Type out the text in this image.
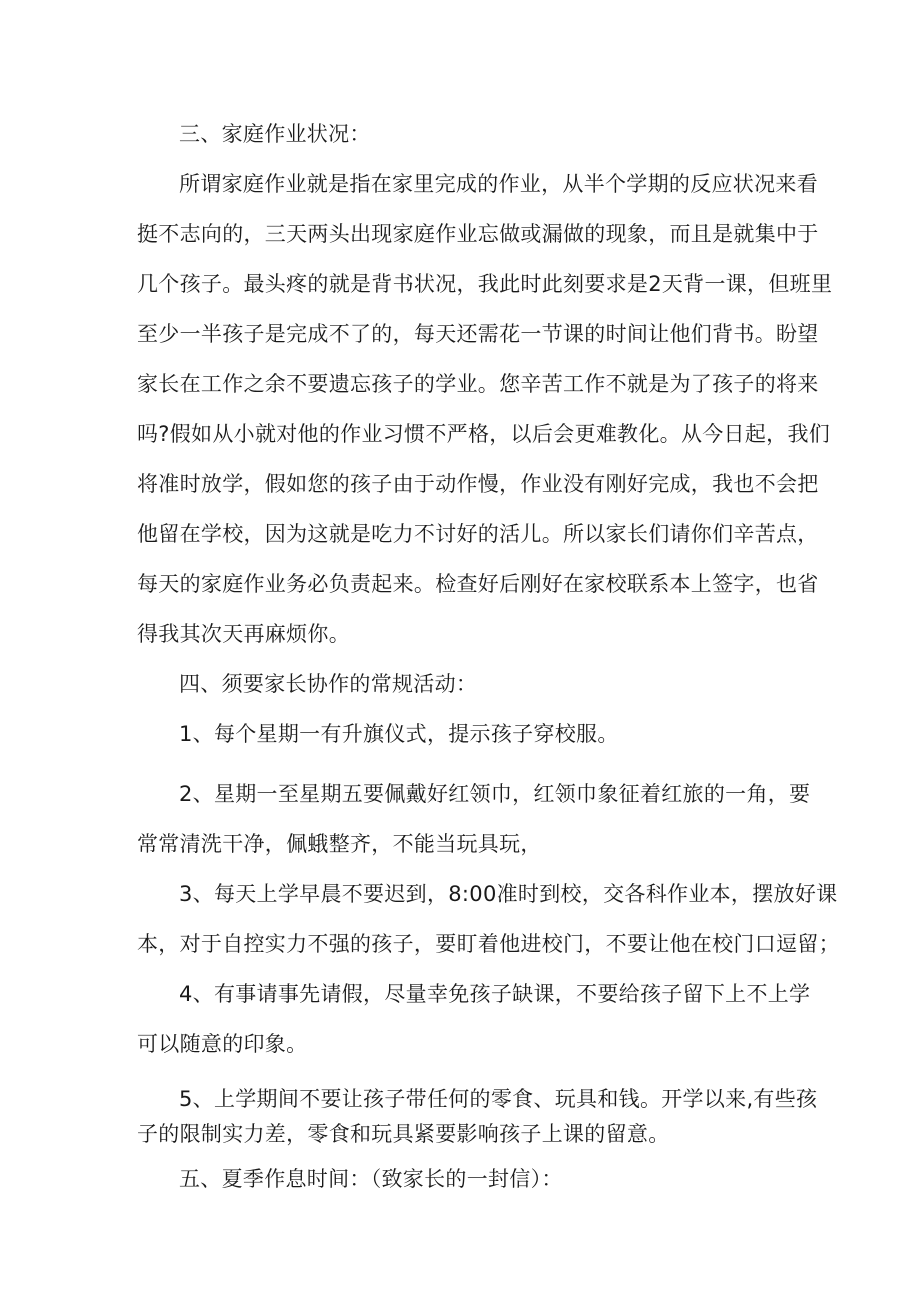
三、家庭作业状况：
所谓家庭作业就是指在家里完成的作业，从半个学期的反应状况来看
挺不志向的，三天两头出现家庭作业忘做或漏做的现象，而且是就集中于
几个孩子。最头疼的就是背书状况，我此时此刻要求是2天背一课，但班里
至少一半孩子是完成不了的，每天还需花一节课的时间让他们背书。盼望
家长在工作之余不要遗忘孩子的学业。您辛苦工作不就是为了孩子的将来
吗?假如从小就对他的作业习惯不严格，以后会更难教化。从今日起，我们
将准时放学，假如您的孩子由于动作慢，作业没有刚好完成，我也不会把
他留在学校，因为这就是吃力不讨好的活儿。所以家长们请你们辛苦点，
每天的家庭作业务必负责起来。检查好后刚好在家校联系本上签字，也省
得我其次天再麻烦你。
四、须要家长协作的常规活动：
1、每个星期一有升旗仪式，提示孩子穿校服。
2、星期一至星期五要佩戴好红领巾，红领巾象征着红旅的一角，要
常常清洗干净，佩蛾整齐，不能当玩具玩，
3、每天上学早晨不要迟到，8:00准时到校，交各科作业本，摆放好课
本，对于自控实力不强的孩子，要盯着他进校门，不要让他在校门口逗留；
4、有事请事先请假，尽量幸免孩子缺课，不要给孩子留下上不上学
可以随意的印象。
5、上学期间不要让孩子带任何的零食、玩具和钱。开学以来,有些孩
子的限制实力差，零食和玩具紧要影响孩子上课的留意。
五、夏季作息时间：（致家长的一封信）：
